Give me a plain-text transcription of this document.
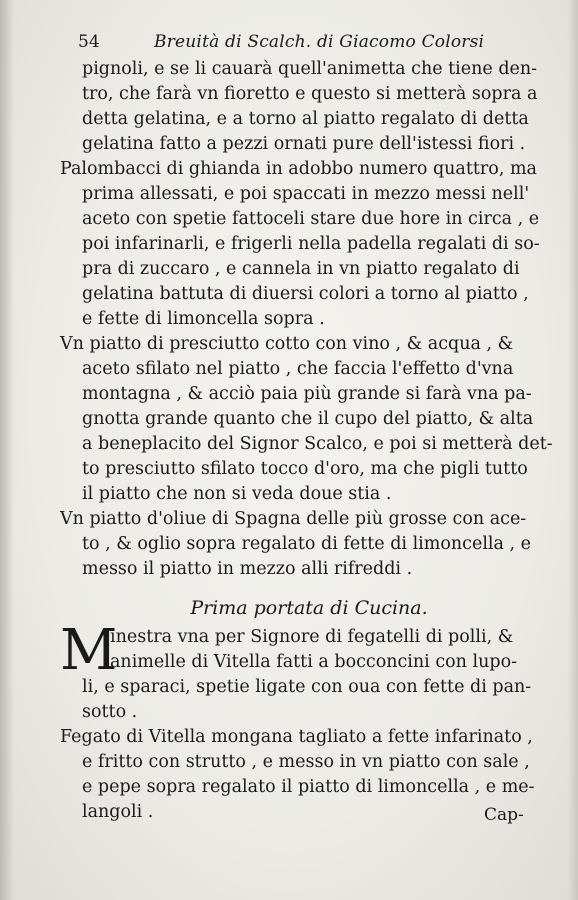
54	Breuità di Scalch. di Giacomo Colorsi

pignoli, e se li cauarà quell'animetta che tiene den-
tro, che farà vn fioretto e questo si metterà sopra a
detta gelatina, e a torno al piatto regalato di detta
gelatina fatto a pezzi ornati pure dell'istessi fiori .

Palombacci di ghianda in adobbo numero quattro, ma
prima allessati, e poi spaccati in mezzo messi nell'
aceto con spetie fattoceli stare due hore in circa , e
poi infarinarli, e frigerli nella padella regalati di so-
pra di zuccaro , e cannela in vn piatto regalato di
gelatina battuta di diuersi colori a torno al piatto ,
e fette di limoncella sopra .

Vn piatto di presciutto cotto con vino , & acqua , &
aceto sfilato nel piatto , che faccia l'effetto d'vna
montagna , & acciò paia più grande si farà vna pa-
gnotta grande quanto che il cupo del piatto, & alta
a beneplacito del Signor Scalco, e poi si metterà det-
to presciutto sfilato tocco d'oro, ma che pigli tutto
il piatto che non si veda doue stia .

Vn piatto d'oliue di Spagna delle più grosse con ace-
to , & oglio sopra regalato di fette di limoncella , e
messo il piatto in mezzo alli rifreddi .

Prima portata di Cucina.
M
inestra vna per Signore di fegatelli di polli, &
animelle di Vitella fatti a bocconcini con lupo-
li, e sparaci, spetie ligate con oua con fette di pan-
sotto .

Fegato di Vitella mongana tagliato a fette infarinato ,
e fritto con strutto , e messo in vn piatto con sale ,
e pepe sopra regalato il piatto di limoncella , e me-
langoli .	Cap-
